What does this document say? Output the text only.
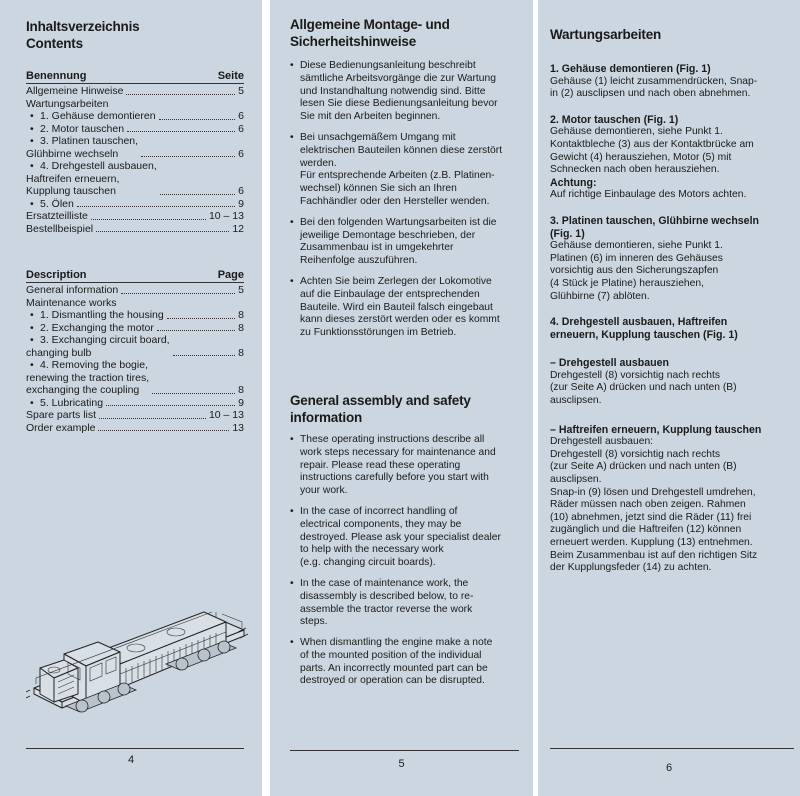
Inhaltsverzeichnis
Contents
Benennung	Seite
Allgemeine Hinweise	5
Wartungsarbeiten
• 1. Gehäuse demontieren	6
• 2. Motor tauschen	6
• 3. Platinen tauschen,
Glühbirne wechseln	6
• 4. Drehgestell ausbauen,
Haftreifen erneuern,
Kupplung tauschen	6
• 5. Ölen	9
Ersatzteilliste	10 – 13
Bestellbeispiel	12
Description	Page
General information	5
Maintenance works
• 1. Dismantling the housing	8
• 2. Exchanging the motor	8
• 3. Exchanging circuit board,
changing bulb	8
• 4. Removing the bogie,
renewing the traction tires,
exchanging the coupling	8
• 5. Lubricating	9
Spare parts list	10 – 13
Order example	13
4
Allgemeine Montage- und
Sicherheitshinweise
• Diese Bedienungsanleitung beschreibt
sämtliche Arbeitsvorgänge die zur Wartung
und Instandhaltung notwendig sind. Bitte
lesen Sie diese Bedienungsanleitung bevor
Sie mit den Arbeiten beginnen.
• Bei unsachgemäßem Umgang mit
elektrischen Bauteilen können diese zerstört
werden.
Für entsprechende Arbeiten (z.B. Platinen-
wechsel) können Sie sich an Ihren
Fachhändler oder den Hersteller wenden.
• Bei den folgenden Wartungsarbeiten ist die
jeweilige Demontage beschrieben, der
Zusammenbau ist in umgekehrter
Reihenfolge auszuführen.
• Achten Sie beim Zerlegen der Lokomotive
auf die Einbaulage der entsprechenden
Bauteile. Wird ein Bauteil falsch eingebaut
kann dieses zerstört werden oder es kommt
zu Funktionsstörungen im Betrieb.
General assembly and safety
information
• These operating instructions describe all
work steps necessary for maintenance and
repair. Please read these operating
instructions carefully before you start with
your work.
• In the case of incorrect handling of
electrical components, they may be
destroyed. Please ask your specialist dealer
to help with the necessary work
(e.g. changing circuit boards).
• In the case of maintenance work, the
disassembly is described below, to re-
assemble the tractor reverse the work
steps.
• When dismantling the engine make a note
of the mounted position of the individual
parts. An incorrectly mounted part can be
destroyed or operation can be disrupted.
5
Wartungsarbeiten
1. Gehäuse demontieren (Fig. 1)
Gehäuse (1) leicht zusammendrücken, Snap-
in (2) ausclipsen und nach oben abnehmen.
2. Motor tauschen (Fig. 1)
Gehäuse demontieren, siehe Punkt 1.
Kontaktbleche (3) aus der Kontaktbrücke am
Gewicht (4) herausziehen, Motor (5) mit
Schnecken nach oben herausziehen.
Achtung:
Auf richtige Einbaulage des Motors achten.
3. Platinen tauschen, Glühbirne wechseln
(Fig. 1)
Gehäuse demontieren, siehe Punkt 1.
Platinen (6) im inneren des Gehäuses
vorsichtig aus den Sicherungszapfen
(4 Stück je Platine) herausziehen,
Glühbirne (7) ablöten.
4. Drehgestell ausbauen, Haftreifen
erneuern, Kupplung tauschen (Fig. 1)
– Drehgestell ausbauen
Drehgestell (8) vorsichtig nach rechts
(zur Seite A) drücken und nach unten (B)
ausclipsen.
– Haftreifen erneuern, Kupplung tauschen
Drehgestell ausbauen:
Drehgestell (8) vorsichtig nach rechts
(zur Seite A) drücken und nach unten (B)
ausclipsen.
Snap-in (9) lösen und Drehgestell umdrehen,
Räder müssen nach oben zeigen. Rahmen
(10) abnehmen, jetzt sind die Räder (11) frei
zugänglich und die Haftreifen (12) können
erneuert werden. Kupplung (13) entnehmen.
Beim Zusammenbau ist auf den richtigen Sitz
der Kupplungsfeder (14) zu achten.
6
